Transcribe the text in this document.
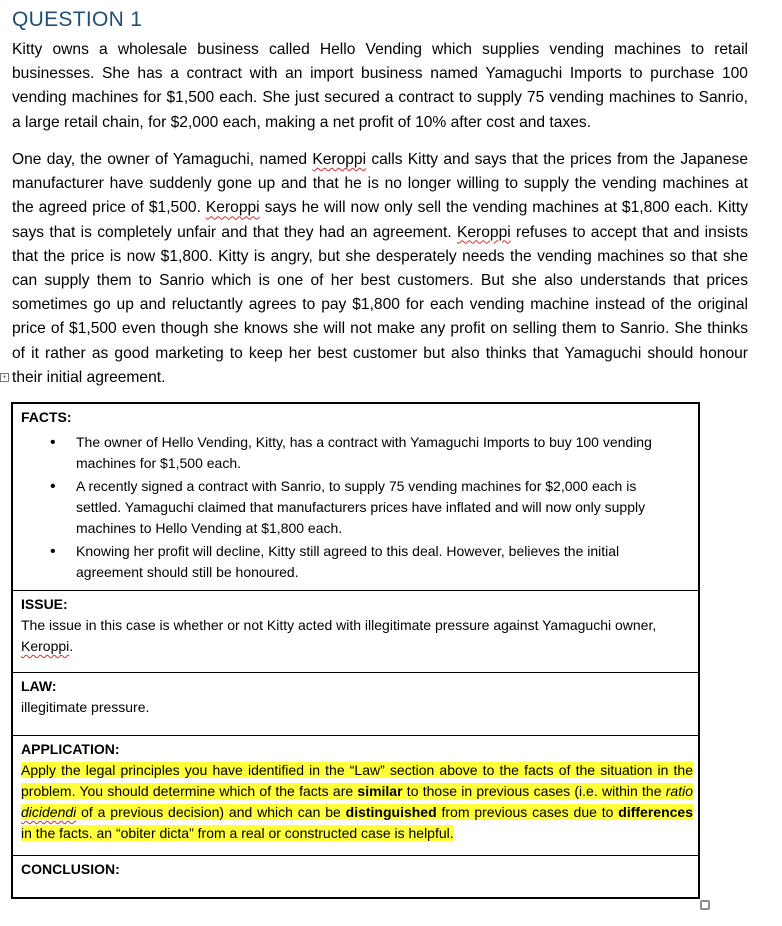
QUESTION 1
Kitty owns a wholesale business called Hello Vending which supplies vending machines to retail businesses. She has a contract with an import business named Yamaguchi Imports to purchase 100 vending machines for $1,500 each. She just secured a contract to supply 75 vending machines to Sanrio, a large retail chain, for $2,000 each, making a net profit of 10% after cost and taxes.
One day, the owner of Yamaguchi, named Keroppi calls Kitty and says that the prices from the Japanese manufacturer have suddenly gone up and that he is no longer willing to supply the vending machines at the agreed price of $1,500. Keroppi says he will now only sell the vending machines at $1,800 each. Kitty says that is completely unfair and that they had an agreement. Keroppi refuses to accept that and insists that the price is now $1,800. Kitty is angry, but she desperately needs the vending machines so that she can supply them to Sanrio which is one of her best customers. But she also understands that prices sometimes go up and reluctantly agrees to pay $1,800 for each vending machine instead of the original price of $1,500 even though she knows she will not make any profit on selling them to Sanrio. She thinks of it rather as good marketing to keep her best customer but also thinks that Yamaguchi should honour their initial agreement.
+
FACTS:
• The owner of Hello Vending, Kitty, has a contract with Yamaguchi Imports to buy 100 vending machines for $1,500 each.
• A recently signed a contract with Sanrio, to supply 75 vending machines for $2,000 each is settled. Yamaguchi claimed that manufacturers prices have inflated and will now only supply machines to Hello Vending at $1,800 each.
• Knowing her profit will decline, Kitty still agreed to this deal. However, believes the initial agreement should still be honoured.
ISSUE:
The issue in this case is whether or not Kitty acted with illegitimate pressure against Yamaguchi owner, Keroppi.
LAW:
illegitimate pressure.
APPLICATION:
Apply the legal principles you have identified in the “Law” section above to the facts of the situation in the problem. You should determine which of the facts are similar to those in previous cases (i.e. within the ratio dicidendi of a previous decision) and which can be distinguished from previous cases due to differences in the facts. an “obiter dicta” from a real or constructed case is helpful.
CONCLUSION:
